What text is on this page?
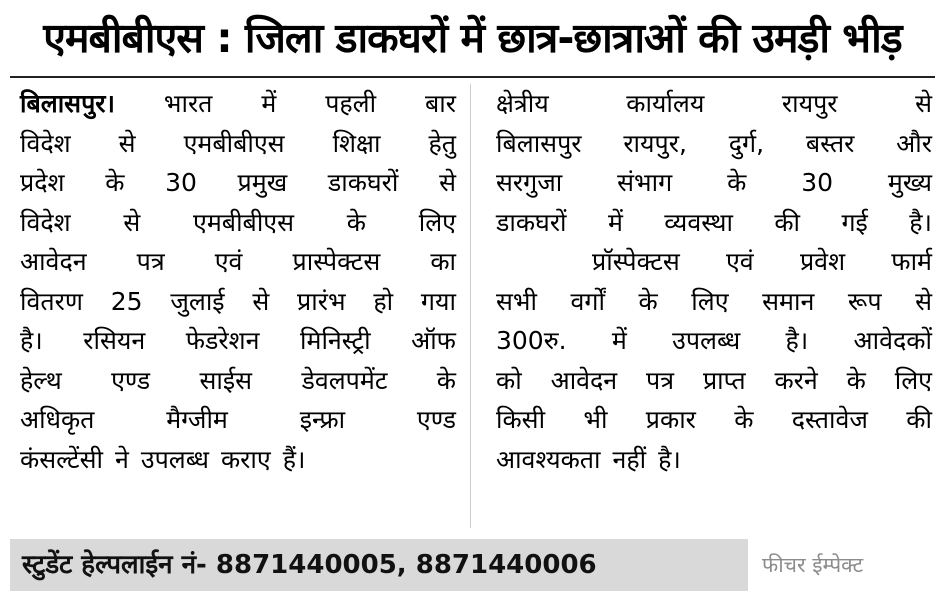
एमबीबीएस : जिला डाकघरों में छात्र-छात्राओं की उमड़ी भीड़
बिलासपुर। भारत में पहली बार
विदेश से एमबीबीएस शिक्षा हेतु
प्रदेश के 30 प्रमुख डाकघरों से
विदेश से एमबीबीएस के लिए
आवेदन पत्र एवं प्रास्पेक्टस का
वितरण 25 जुलाई से प्रारंभ हो गया
है। रसियन फेडरेशन मिनिस्ट्री ऑफ
हेल्थ एण्ड साईस डेवलपमेंट के
अधिकृत	मैग्जीम	इन्फ्रा	एण्ड
कंसल्टेंसी ने उपलब्ध कराए हैं।
क्षेत्रीय	कार्यालय	रायपुर	से
बिलासपुर रायपुर, दुर्ग, बस्तर और
सरगुजा संभाग के 30 मुख्य
डाकघरों में व्यवस्था की गई है।
प्रॉस्पेक्टस एवं प्रवेश फार्म
सभी वर्गों के लिए समान रूप से
300रु. में उपलब्ध है। आवेदकों
को आवेदन पत्र प्राप्त करने के लिए
किसी भी प्रकार के दस्तावेज की
आवश्यकता नहीं है।
स्टुडेंट हेल्पलाईन नं- 8871440005, 8871440006	फीचर ईम्पेक्ट
